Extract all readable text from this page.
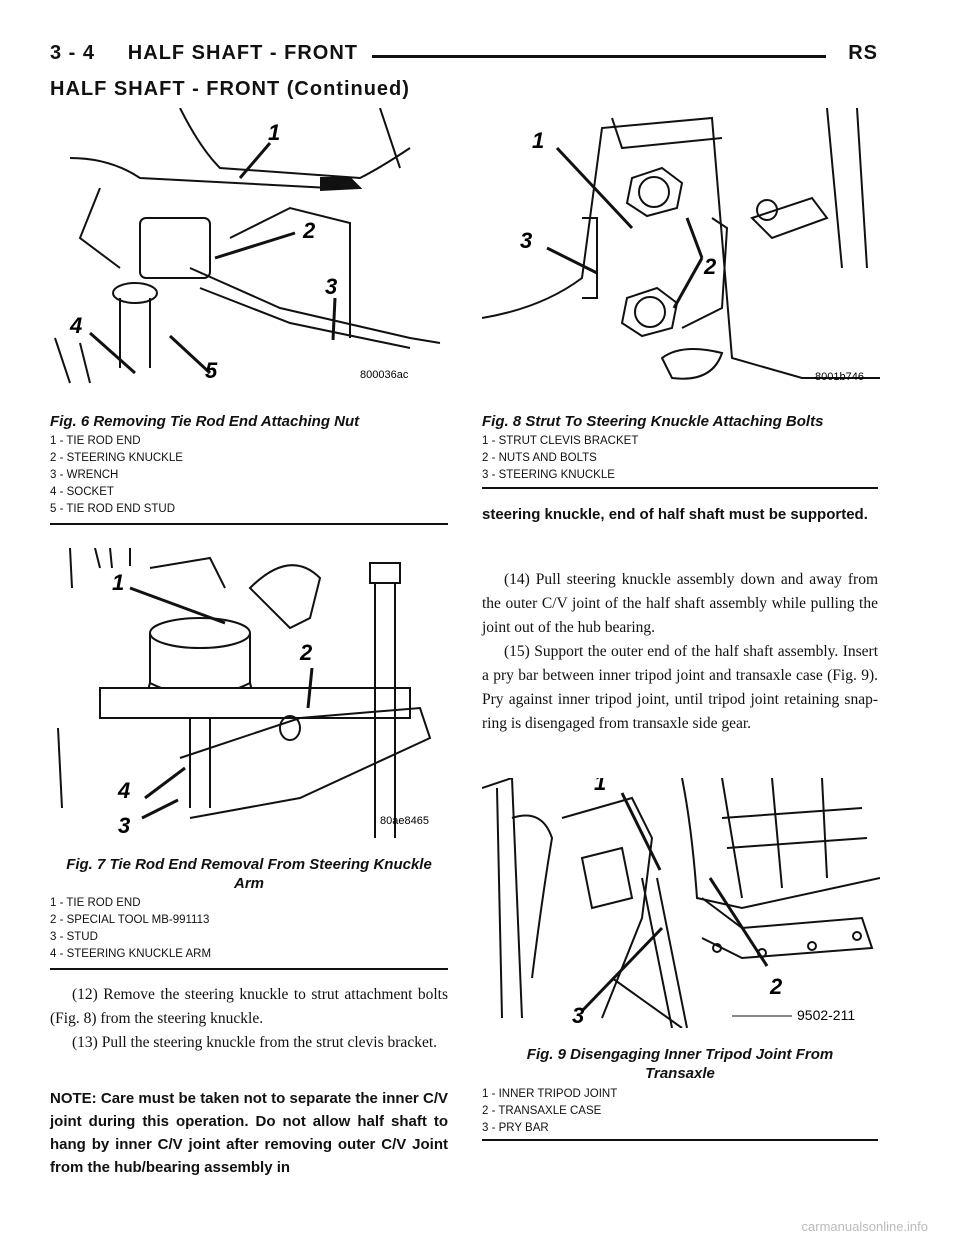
3 - 4     HALF SHAFT - FRONT	RS
HALF SHAFT - FRONT (Continued)
1
2
3
4
5	800036ac
Fig. 6 Removing Tie Rod End Attaching Nut
1 - TIE ROD END
2 - STEERING KNUCKLE
3 - WRENCH
4 - SOCKET
5 - TIE ROD END STUD
1
2
3
4
80ae8465
Fig. 7 Tie Rod End Removal From Steering Knuckle
Arm
1 - TIE ROD END
2 - SPECIAL TOOL MB-991113
3 - STUD
4 - STEERING KNUCKLE ARM
(12) Remove the steering knuckle to strut attachment bolts (Fig. 8) from the steering knuckle.
(13) Pull the steering knuckle from the strut clevis bracket.
NOTE: Care must be taken not to separate the inner C/V joint during this operation. Do not allow half shaft to hang by inner C/V joint after removing outer C/V Joint from the hub/bearing assembly in
1
2
3
8001b746
Fig. 8 Strut To Steering Knuckle Attaching Bolts
1 - STRUT CLEVIS BRACKET
2 - NUTS AND BOLTS
3 - STEERING KNUCKLE
steering knuckle, end of half shaft must be supported.
(14) Pull steering knuckle assembly down and away from the outer C/V joint of the half shaft assembly while pulling the joint out of the hub bearing.
(15) Support the outer end of the half shaft assembly. Insert a pry bar between inner tripod joint and transaxle case (Fig. 9). Pry against inner tripod joint, until tripod joint retaining snap-ring is disengaged from transaxle side gear.
1
2
3	9502-211
Fig. 9 Disengaging Inner Tripod Joint From
Transaxle
1 - INNER TRIPOD JOINT
2 - TRANSAXLE CASE
3 - PRY BAR
carmanualsonline.info
